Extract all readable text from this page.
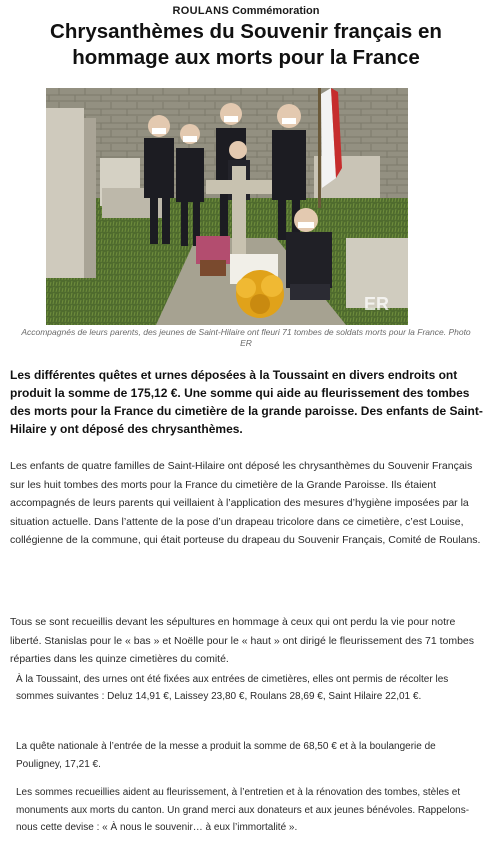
ROULANS Commémoration
Chrysanthèmes du Souvenir français en hommage aux morts pour la France
ER
Accompagnés de leurs parents, des jeunes de Saint-Hilaire ont fleuri 71 tombes de soldats morts pour la France. Photo ER

Les différentes quêtes et urnes déposées à la Toussaint en divers endroits ont produit la somme de 175,12 €. Une somme qui aide au fleurissement des tombes des morts pour la France du cimetière de la grande paroisse. Des enfants de Saint-Hilaire y ont déposé des chrysanthèmes.

Les enfants de quatre familles de Saint-Hilaire ont déposé les chrysanthèmes du Souvenir Français sur les huit tombes des morts pour la France du cimetière de la Grande Paroisse. Ils étaient accompagnés de leurs parents qui veillaient à l’application des mesures d’hygiène imposées par la situation actuelle. Dans l’attente de la pose d’un drapeau tricolore dans ce cimetière, c’est Louise, collégienne de la commune, qui était porteuse du drapeau du Souvenir Français, Comité de Roulans.

Tous se sont recueillis devant les sépultures en hommage à ceux qui ont perdu la vie pour notre liberté. Stanislas pour le « bas » et Noëlle pour le « haut » ont dirigé le fleurissement des 71 tombes réparties dans les quinze cimetières du comité.

À la Toussaint, des urnes ont été fixées aux entrées de cimetières, elles ont permis de récolter les sommes suivantes : Deluz 14,91 €, Laissey 23,80 €, Roulans 28,69 €, Saint Hilaire 22,01 €.

La quête nationale à l’entrée de la messe a produit la somme de 68,50 € et à la boulangerie de Pouligney, 17,21 €.

Les sommes recueillies aident au fleurissement, à l’entretien et à la rénovation des tombes, stèles et monuments aux morts du canton. Un grand merci aux donateurs et aux jeunes bénévoles. Rappelons-nous cette devise : « À nous le souvenir… à eux l’immortalité ».
